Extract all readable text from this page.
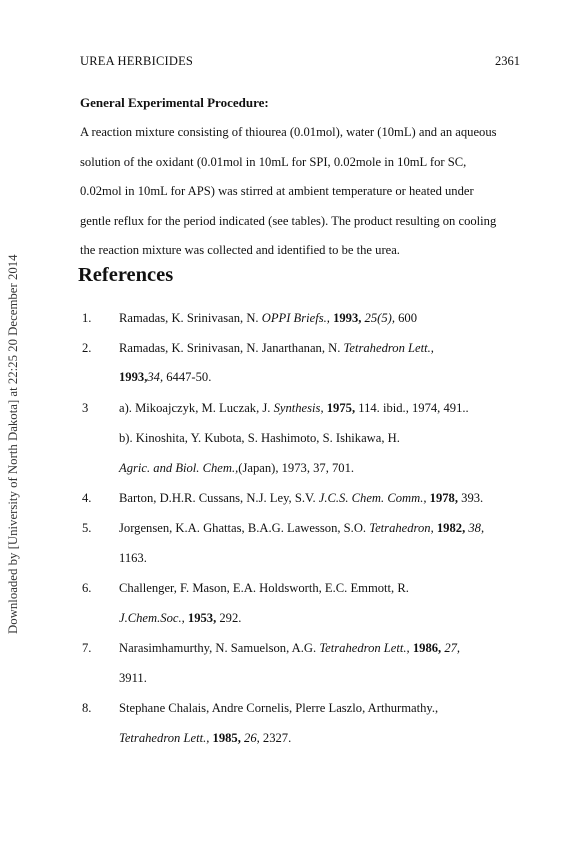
UREA HERBICIDES	2361
General Experimental Procedure:
A reaction mixture consisting of thiourea (0.01mol), water (10mL) and an aqueous
solution of the oxidant (0.01mol in 10mL for SPI, 0.02mole in 10mL for SC,
0.02mol in 10mL for APS) was stirred at ambient temperature or heated under
gentle reflux for the period indicated (see tables). The product resulting on cooling
the reaction mixture was collected and identified to be the urea.
References
1. Ramadas, K. Srinivasan, N. OPPI Briefs., 1993, 25(5), 600
2. Ramadas, K. Srinivasan, N. Janarthanan, N. Tetrahedron Lett.,
1993,34, 6447-50.
3 a). Mikoajczyk, M. Luczak, J. Synthesis, 1975, 114. ibid., 1974, 491..
b). Kinoshita, Y. Kubota, S. Hashimoto, S. Ishikawa, H.
Agric. and Biol. Chem.,(Japan), 1973, 37, 701.
4. Barton, D.H.R. Cussans, N.J. Ley, S.V. J.C.S. Chem. Comm., 1978, 393.
5. Jorgensen, K.A. Ghattas, B.A.G. Lawesson, S.O. Tetrahedron, 1982, 38,
1163.
6. Challenger, F. Mason, E.A. Holdsworth, E.C. Emmott, R.
J.Chem.Soc., 1953, 292.
7. Narasimhamurthy, N. Samuelson, A.G. Tetrahedron Lett., 1986, 27,
3911.
8. Stephane Chalais, Andre Cornelis, Plerre Laszlo, Arthurmathy.,
Tetrahedron Lett., 1985, 26, 2327.
Downloaded by [University of North Dakota] at 22:25 20 December 2014
